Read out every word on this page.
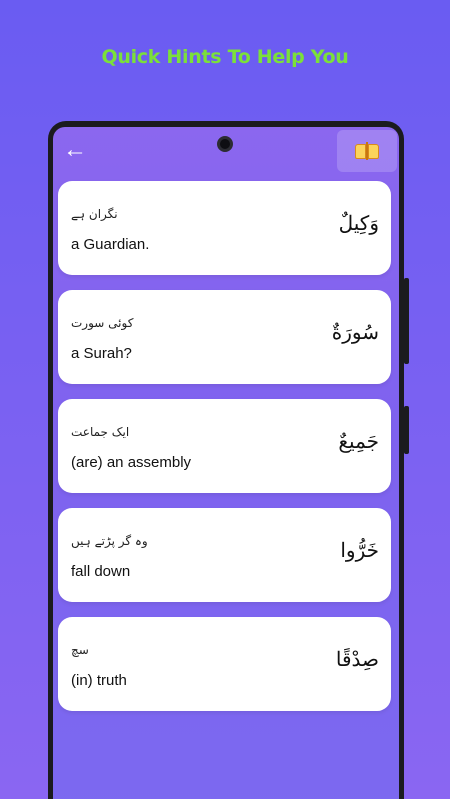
Quick Hints To Help You
←
نگران ہے
a Guardian.
وَكِيلٌ
کوئی سورت
a Surah?
سُورَةٌ
ایک جماعت
(are) an assembly
جَمِيعٌ
وہ گر پڑتے ہیں
fall down
خَرُّوا
سچ
(in) truth
صِدْقًا
